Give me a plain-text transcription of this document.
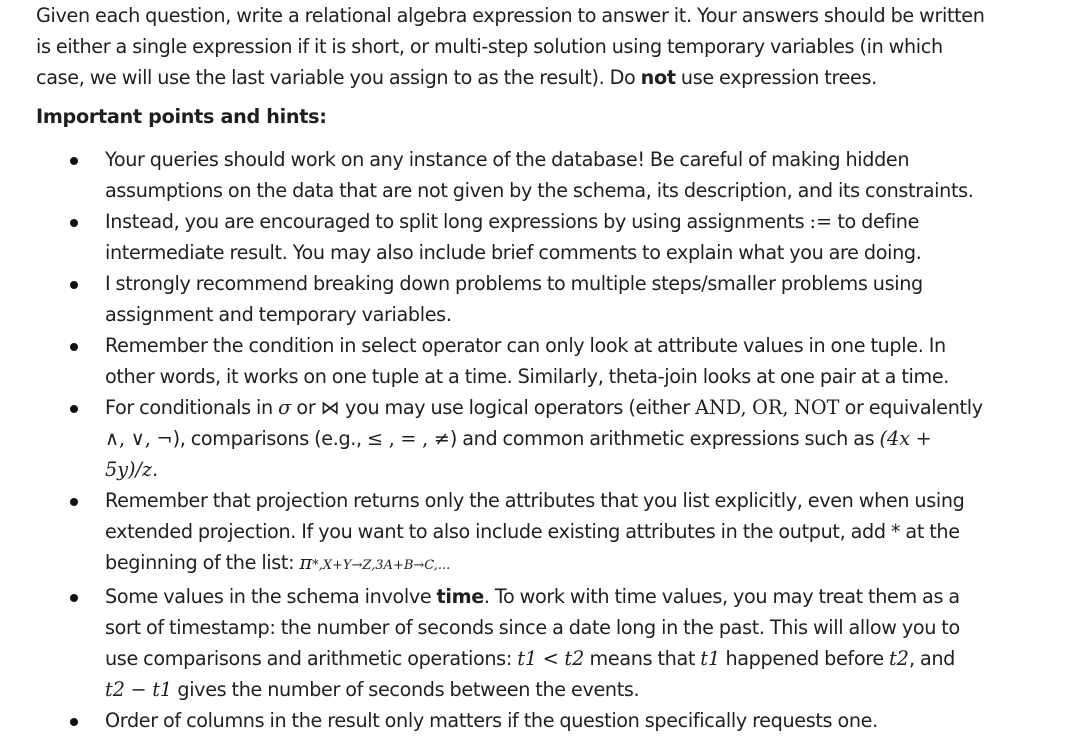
Given each question, write a relational algebra expression to answer it. Your answers should be written
is either a single expression if it is short, or multi-step solution using temporary variables (in which
case, we will use the last variable you assign to as the result). Do not use expression trees.
Important points and hints:
Your queries should work on any instance of the database! Be careful of making hidden
assumptions on the data that are not given by the schema, its description, and its constraints.
Instead, you are encouraged to split long expressions by using assignments := to define
intermediate result. You may also include brief comments to explain what you are doing.
I strongly recommend breaking down problems to multiple steps/smaller problems using
assignment and temporary variables.
Remember the condition in select operator can only look at attribute values in one tuple. In
other words, it works on one tuple at a time. Similarly, theta-join looks at one pair at a time.
For conditionals in σ or ⋈ you may use logical operators (either AND, OR, NOT or equivalently
∧, ∨, ¬), comparisons (e.g., ≤ , = , ≠) and common arithmetic expressions such as (4x +
5y)/z.
Remember that projection returns only the attributes that you list explicitly, even when using
extended projection. If you want to also include existing attributes in the output, add * at the
beginning of the list: π*,X+Y→Z,3A+B→C,...
Some values in the schema involve time. To work with time values, you may treat them as a
sort of timestamp: the number of seconds since a date long in the past. This will allow you to
use comparisons and arithmetic operations: t1 < t2 means that t1 happened before t2, and
t2 − t1 gives the number of seconds between the events.
Order of columns in the result only matters if the question specifically requests one.
